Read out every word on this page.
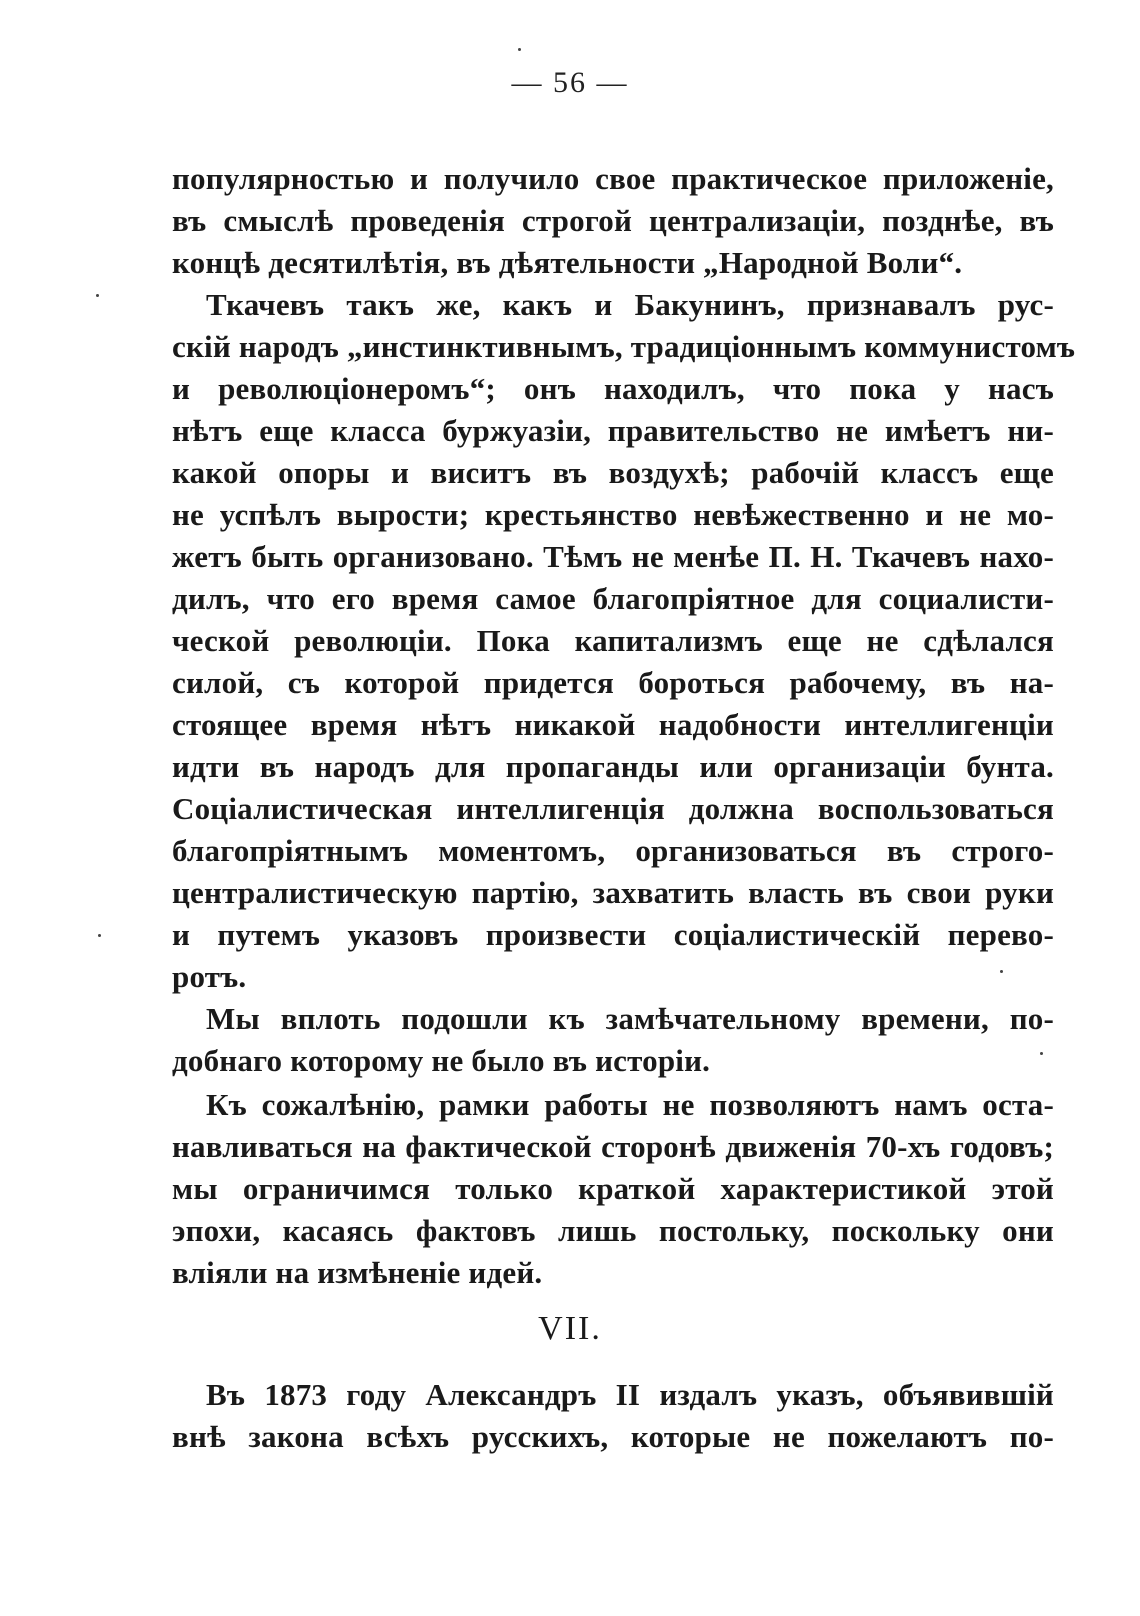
— 56 —
популярностью и получило свое практическое приложенiе,
въ смыслѣ проведенiя строгой централизацiи, позднѣе, въ
концѣ десятилѣтiя, въ дѣятельности „Народной Воли“.
Ткачевъ такъ же, какъ и Бакунинъ, признавалъ рус-
скiй народъ „инстинктивнымъ, традицiоннымъ коммунистомъ
и революцiонеромъ“; онъ находилъ, что пока у насъ
нѣтъ еще класса буржуазiи, правительство не имѣетъ ни-
какой опоры и виситъ въ воздухѣ; рабочiй классъ еще
не успѣлъ вырости; крестьянство невѣжественно и не мо-
жетъ быть организовано. Тѣмъ не менѣе П. Н. Ткачевъ нахо-
дилъ, что его время самое благопрiятное для социалисти-
ческой революцiи. Пока капитализмъ еще не сдѣлался
силой, съ которой придется бороться рабочему, въ на-
стоящее время нѣтъ никакой надобности интеллигенцiи
идти въ народъ для пропаганды или организацiи бунта.
Соцiалистическая интеллигенцiя должна воспользоваться
благопрiятнымъ моментомъ, организоваться въ строго-
централистическую партiю, захватить власть въ свои руки
и путемъ указовъ произвести соцiалистическiй перево-
ротъ.
Мы вплоть подошли къ замѣчательному времени, по-
добнаго которому не было въ исторiи.
Къ сожалѣнiю, рамки работы не позволяютъ намъ оста-
навливаться на фактической сторонѣ движенiя 70-хъ годовъ;
мы ограничимся только краткой характеристикой этой
эпохи, касаясь фактовъ лишь постольку, поскольку они
влiяли на измѣненiе идей.
VII.
Въ 1873 году Александръ II издалъ указъ, объявившiй
внѣ закона всѣхъ русскихъ, которые не пожелаютъ по-
